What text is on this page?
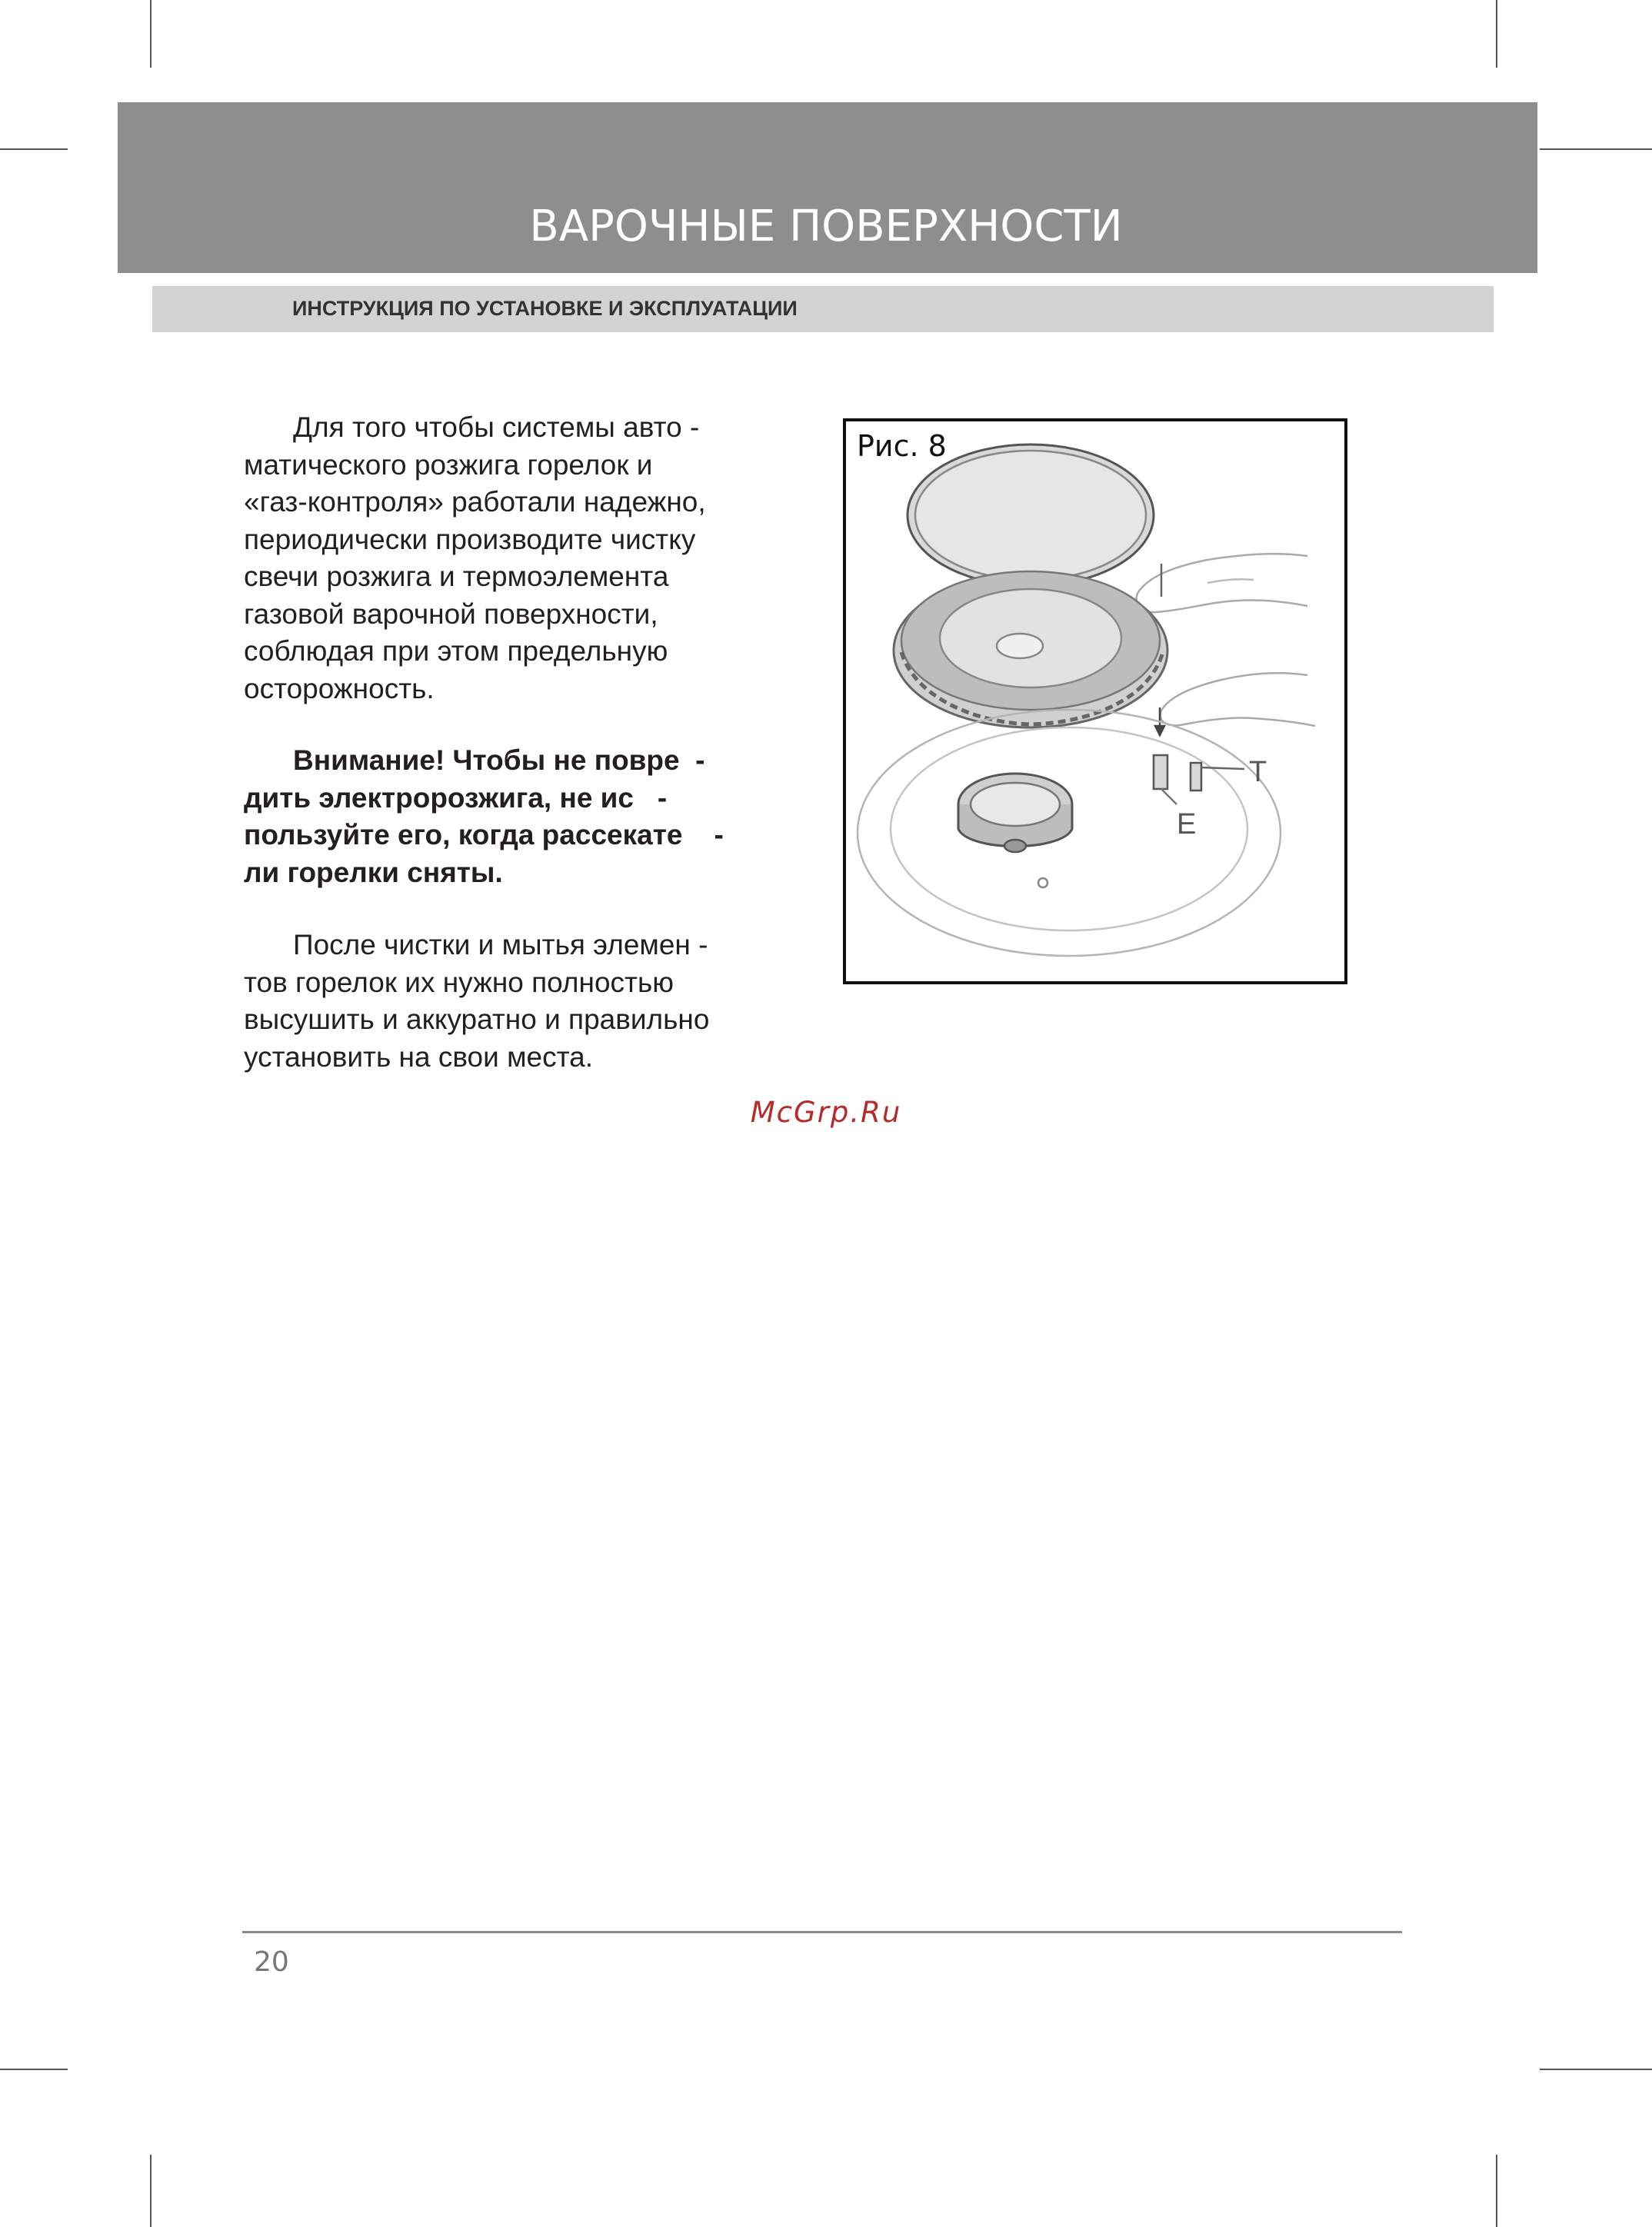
ВАРОЧНЫЕ ПОВЕРХНОСТИ
ИНСТРУКЦИЯ ПО УСТАНОВКЕ И ЭКСПЛУАТАЦИИ

Для того чтобы системы авто -

матического розжига горелок и

«газ-контроля» работали надежно,

периодически производите чистку

свечи розжига и термоэлемента

газовой варочной поверхности,

соблюдая при этом предельную

осторожность.

Внимание! Чтобы не повре  -

дить электророзжига, не ис   -

пользуйте его, когда рассекате    -

ли горелки сняты.

После чистки и мытья элемен -

тов горелок их нужно полностью

высушить и аккуратно и правильно

установить на свои места.

T
E
Рис. 8
McGrp.Ru
20
